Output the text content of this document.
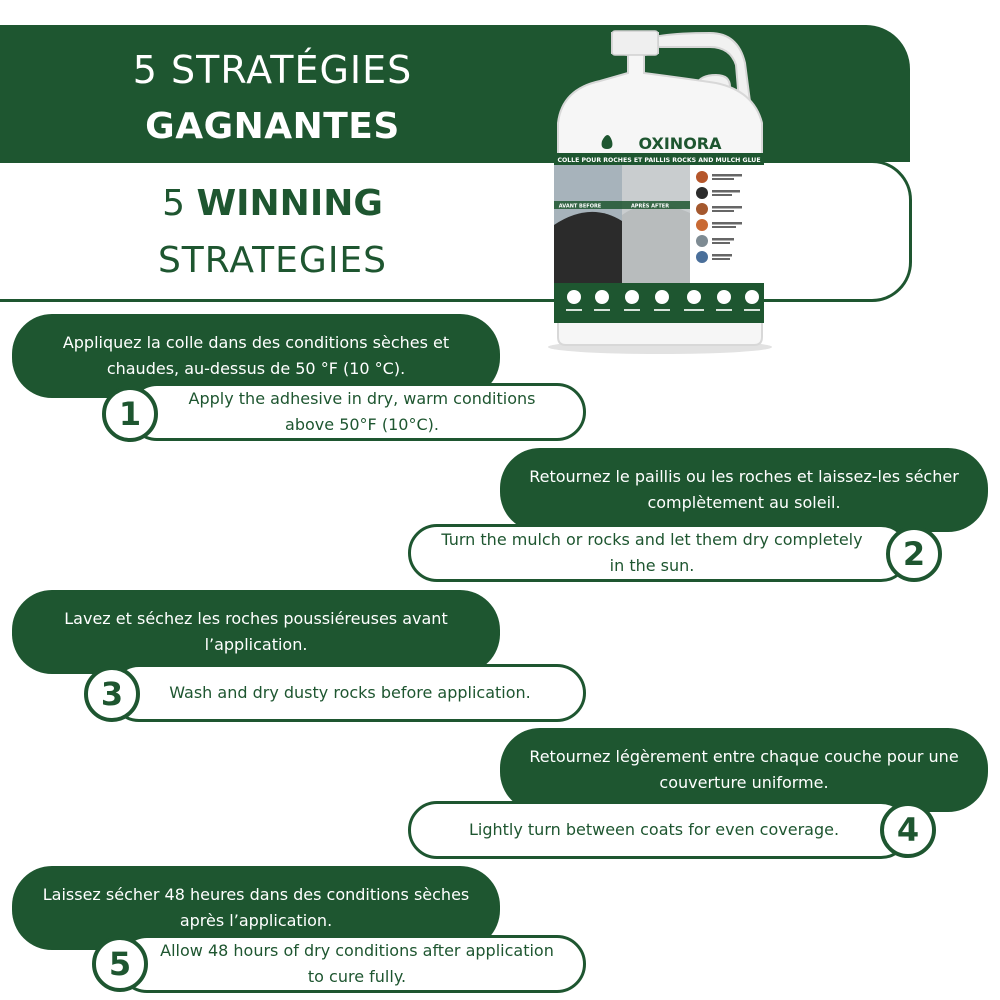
5 STRATÉGIES
GAGNANTES
5 WINNING
STRATEGIES
OXINORA
COLLE POUR ROCHES ET PAILLIS ROCKS AND MULCH GLUE
AVANT BEFORE	APRÈS AFTER
Appliquez la colle dans des conditions sèches et chaudes, au-dessus de 50 °F (10 °C).
Apply the adhesive in dry, warm conditions above 50°F (10°C).
1
Retournez le paillis ou les roches et laissez-les sécher complètement au soleil.
Turn the mulch or rocks and let them dry completely in the sun.	2
Lavez et séchez les roches poussiéreuses avant l’application.
Wash and dry dusty rocks before application.
3
Retournez légèrement entre chaque couche pour une couverture uniforme.
Lightly turn between coats for even coverage.	4
Laissez sécher 48 heures dans des conditions sèches après l’application.
Allow 48 hours of dry conditions after application to cure fully.
5
